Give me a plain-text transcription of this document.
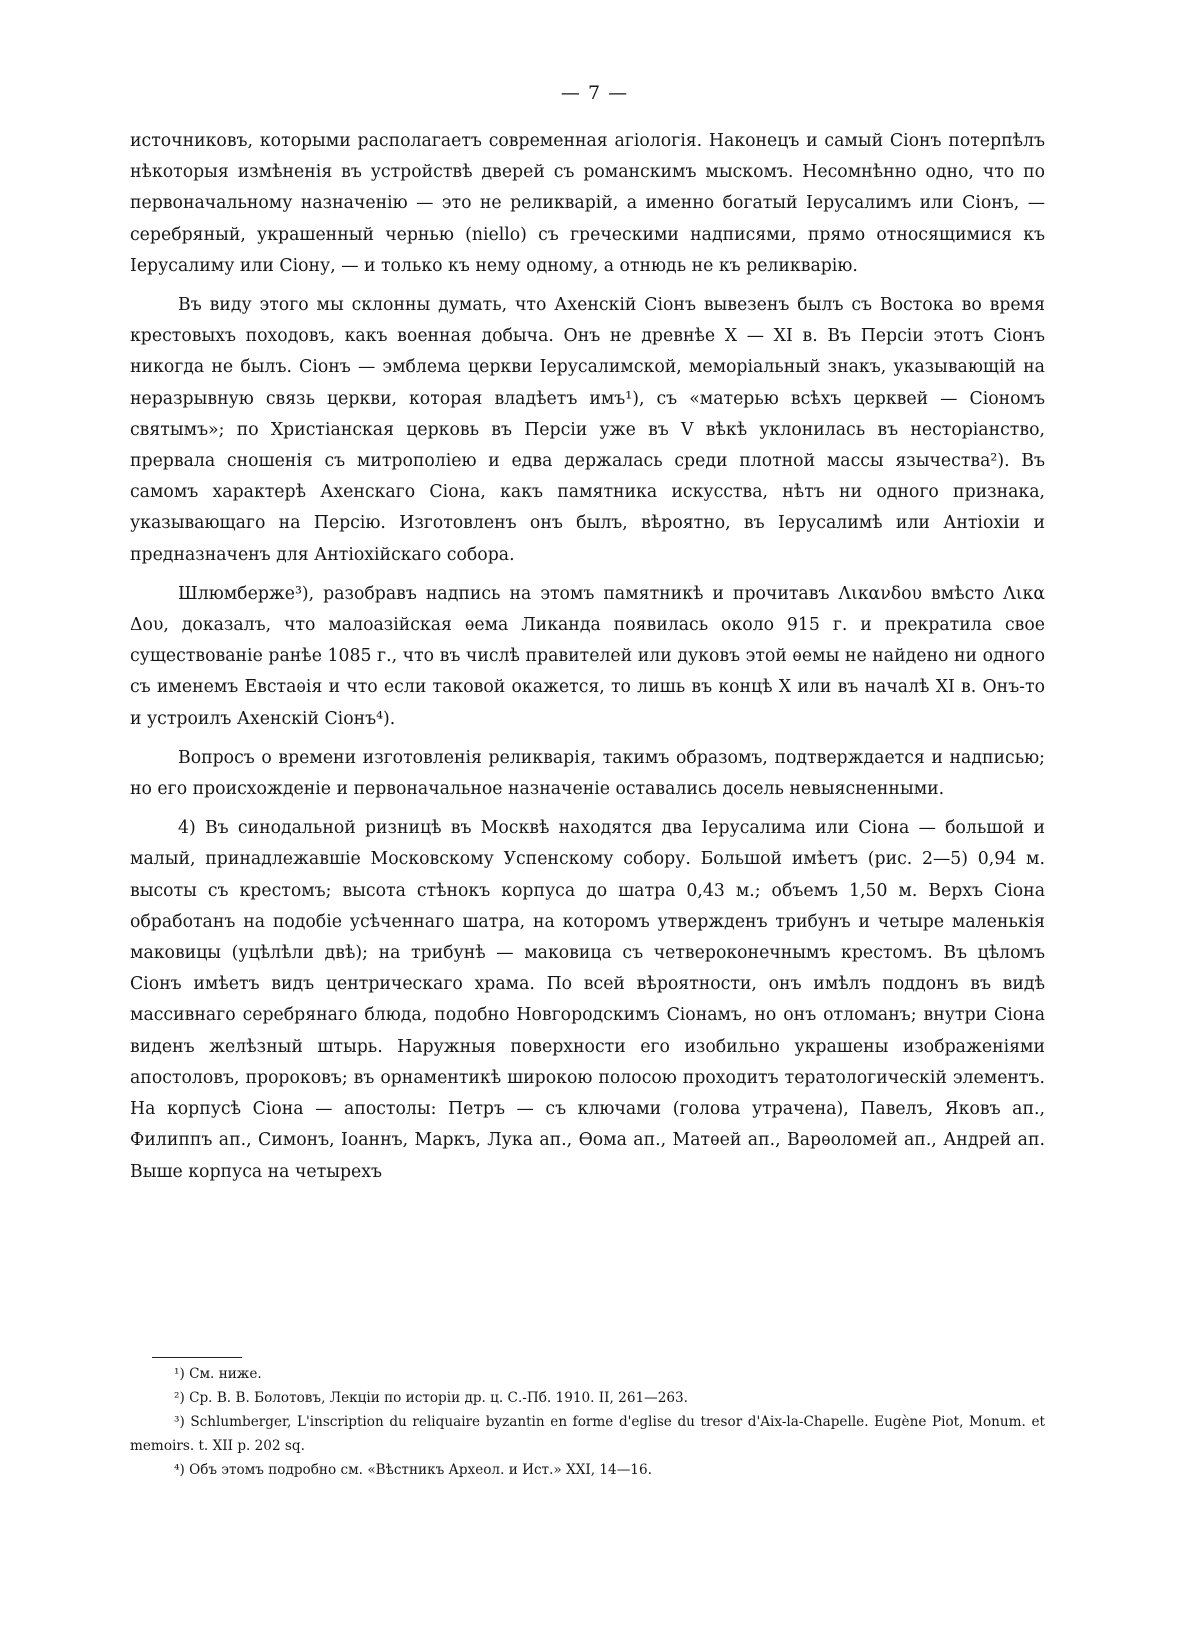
— 7 —

источниковъ, которыми располагаетъ современная агіологія. Наконецъ и самый Сіонъ потерпѣлъ нѣкоторыя измѣненія въ устройствѣ дверей съ романскимъ мыскомъ. Несомнѣнно одно, что по первоначальному назначенію — это не реликварій, а именно богатый Іерусалимъ или Сіонъ, — серебряный, украшенный чернью (niello) съ греческими надписями, прямо относящимися къ Іерусалиму или Сіону, — и только къ нему одному, а отнюдь не къ реликварію.

Въ виду этого мы склонны думать, что Ахенскій Сіонъ вывезенъ былъ съ Востока во время крестовыхъ походовъ, какъ военная добыча. Онъ не древнѣе X — XI в. Въ Персіи этотъ Сіонъ никогда не былъ. Сіонъ — эмблема церкви Іерусалимской, меморіальный знакъ, указывающій на неразрывную связь церкви, которая владѣетъ имъ¹), съ «матерью всѣхъ церквей — Сіономъ святымъ»; по Христіанская церковь въ Персіи уже въ V вѣкѣ уклонилась въ несторіанство, прервала сношенія съ митрополіею и едва держалась среди плотной массы язычества²). Въ самомъ характерѣ Ахенскаго Сіона, какъ памятника искусства, нѣтъ ни одного признака, указывающаго на Персію. Изготовленъ онъ былъ, вѣроятно, въ Іерусалимѣ или Антіохіи и предназначенъ для Антіохійскаго собора.

Шлюмберже³), разобравъ надпись на этомъ памятникѣ и прочитавъ Λικανδου вмѣсто Λικα Δου, доказалъ, что малоазійская ѳема Ликанда появилась около 915 г. и прекратила свое существованіе ранѣе 1085 г., что въ числѣ правителей или дуковъ этой ѳемы не найдено ни одного съ именемъ Евстаѳія и что если таковой окажется, то лишь въ концѣ X или въ началѣ XI в. Онъ-то и устроилъ Ахенскій Сіонъ⁴).

Вопросъ о времени изготовленія реликварія, такимъ образомъ, подтверждается и надписью; но его происхожденіе и первоначальное назначеніе оставались досель невыясненными.

4) Въ синодальной ризницѣ въ Москвѣ находятся два Іерусалима или Сіона — большой и малый, принадлежавшіе Московскому Успенскому собору. Большой имѣетъ (рис. 2—5) 0,94 м. высоты съ крестомъ; высота стѣнокъ корпуса до шатра 0,43 м.; объемъ 1,50 м. Верхъ Сіона обработанъ на подобіе усѣченнаго шатра, на которомъ утвержденъ трибунъ и четыре маленькія маковицы (уцѣлѣли двѣ); на трибунѣ — маковица съ четвероконечнымъ крестомъ. Въ цѣломъ Сіонъ имѣетъ видъ центрическаго храма. По всей вѣроятности, онъ имѣлъ поддонъ въ видѣ массивнаго серебрянаго блюда, подобно Новгородскимъ Сіонамъ, но онъ отломанъ; внутри Сіона виденъ желѣзный штырь. Наружныя поверхности его изобильно украшены изображеніями апостоловъ, пророковъ; въ орнаментикѣ широкою полосою проходитъ тератологическій элементъ. На корпусѣ Сіона — апостолы: Петръ — съ ключами (голова утрачена), Павелъ, Яковъ ап., Филиппъ ап., Симонъ, Іоаннъ, Маркъ, Лука ап., Ѳома ап., Матѳей ап., Варѳоломей ап., Андрей ап. Выше корпуса на четырехъ

¹) См. ниже.

²) Ср. В. В. Болотовъ, Лекціи по исторіи др. ц. С.-Пб. 1910. II, 261—263.

³) Schlumberger, L'inscription du reliquaire byzantin en forme d'eglise du tresor d'Aix-la-Chapelle. Eugène Piot, Monum. et memoirs. t. XII p. 202 sq.

⁴) Объ этомъ подробно см. «Вѣстникъ Археол. и Ист.» XXI, 14—16.
